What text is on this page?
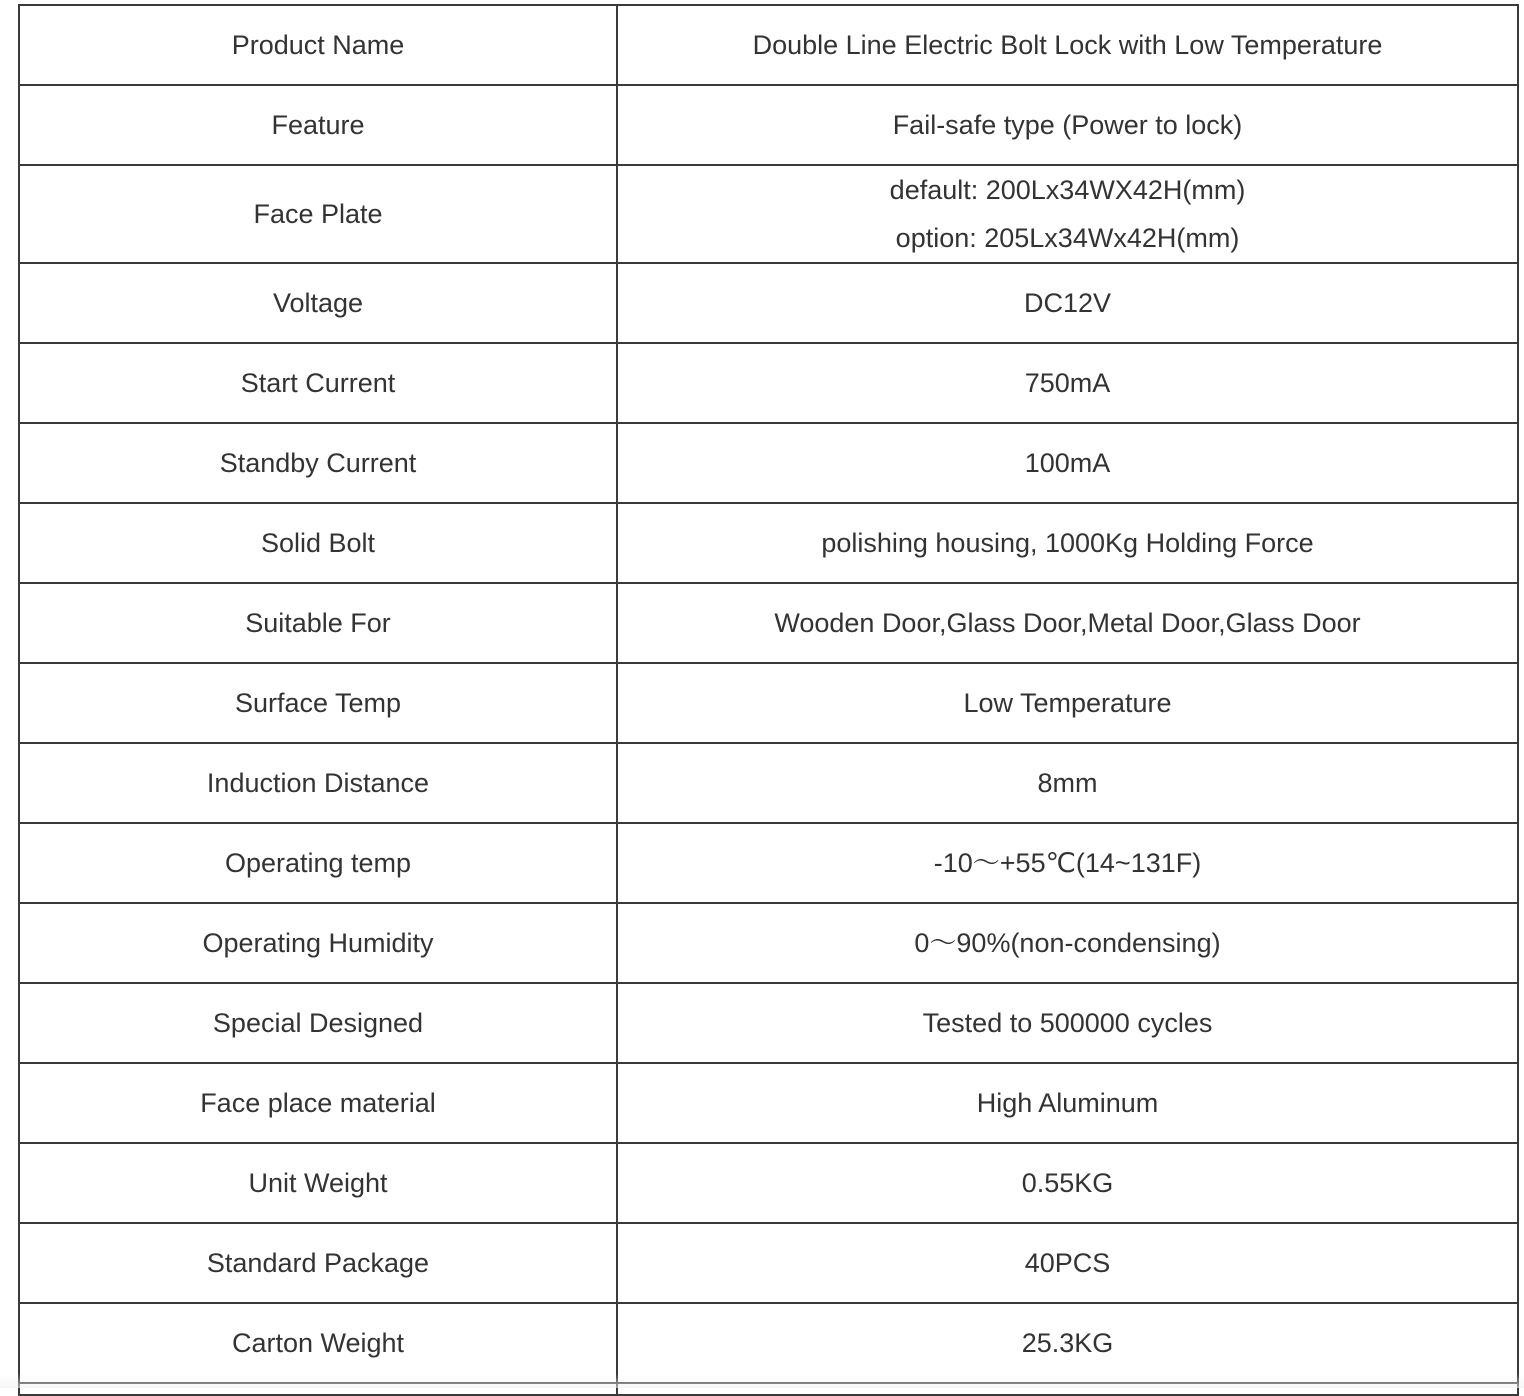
Product Name	Double Line Electric Bolt Lock with Low Temperature

Feature	Fail-safe type (Power to lock)

Face Plate	default: 200Lx34WX42H(mm)
option: 205Lx34Wx42H(mm)

Voltage	DC12V

Start Current	750mA

Standby Current	100mA

Solid Bolt	polishing housing, 1000Kg Holding Force

Suitable For	Wooden Door,Glass Door,Metal Door,Glass Door

Surface Temp	Low Temperature

Induction Distance	8mm

Operating temp	-10～+55℃(14~131F)

Operating Humidity	0～90%(non-condensing)

Special Designed	Tested to 500000 cycles

Face place material	High Aluminum

Unit Weight	0.55KG

Standard Package	40PCS

Carton Weight	25.3KG
